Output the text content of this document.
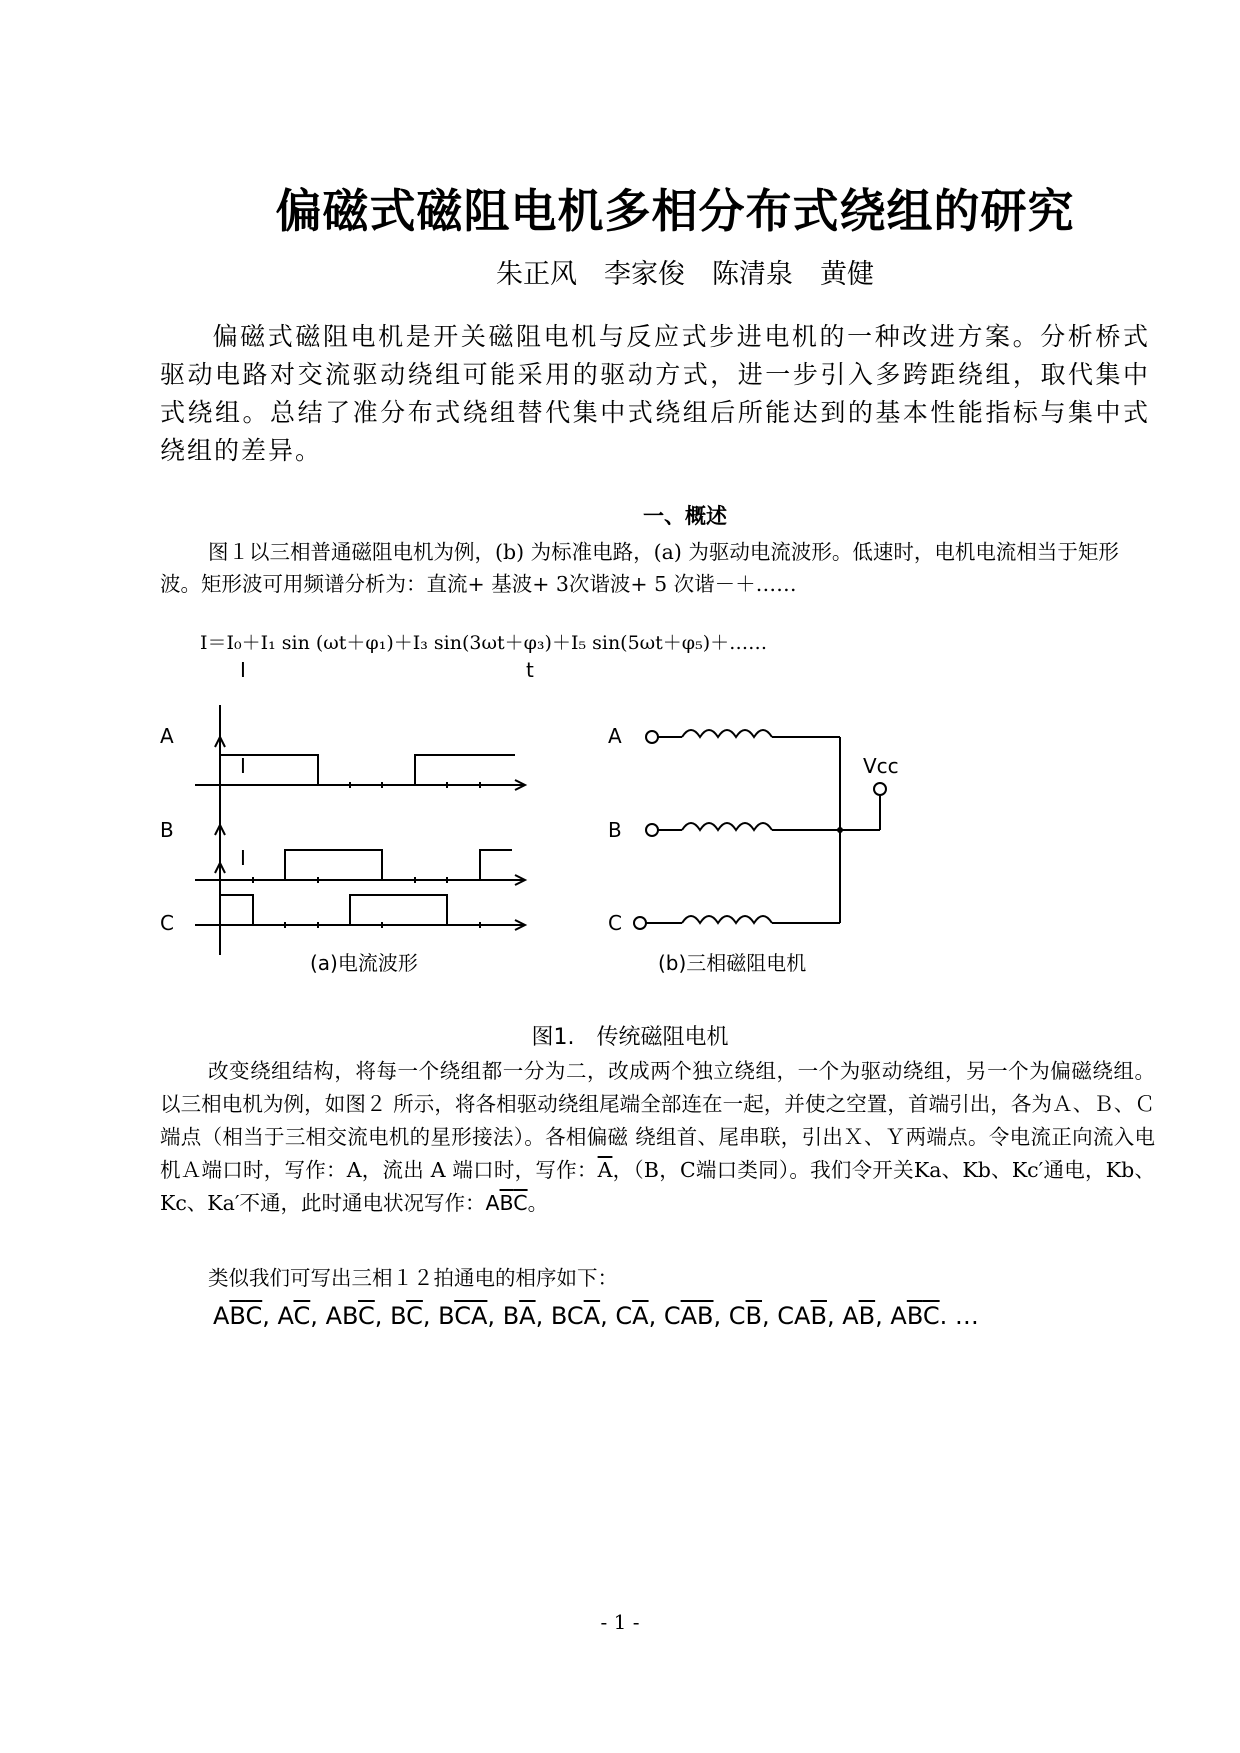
偏磁式磁阻电机多相分布式绕组的研究
朱正风　李家俊　陈清泉　黄健
偏磁式磁阻电机是开关磁阻电机与反应式步进电机的一种改进方案。分析桥式驱动电路对交流驱动绕组可能采用的驱动方式，进一步引入多跨距绕组，取代集中式绕组。总结了准分布式绕组替代集中式绕组后所能达到的基本性能指标与集中式绕组的差异。
一、概述

图１以三相普通磁阻电机为例，(b) 为标准电路，(a) 为驱动电流波形。低速时，电机电流相当于矩形波。矩形波可用频谱分析为：直流+ 基波+ 3次谐波+ 5 次谐－＋……

I＝I₀＋I₁ sin (ωt＋φ₁)＋I₃ sin(3ωt＋φ₃)＋I₅ sin(5ωt＋φ₅)＋……
I
I
I
t
A
B
C
A
B
C
Vcc
(a)电流波形	(b)三相磁阻电机
图1.　传统磁阻电机

改变绕组结构，将每一个绕组都一分为二，改成两个独立绕组，一个为驱动绕组，另一个为偏磁绕组。 以三相电机为例，如图２ 所示，将各相驱动绕组尾端全部连在一起，并使之空置，首端引出，各为Ａ、Ｂ、Ｃ端点（相当于三相交流电机的星形接法）。各相偏磁 绕组首、尾串联，引出Ｘ、Ｙ两端点。令电流正向流入电机Ａ端口时，写作：A，流出 A 端口时，写作：$\overline{A}$，（B，C端口类同）。我们令开关Ka、Kb、Kc′通电，Kb、Kc、Ka′不通，此时通电状况写作：$A\overline{B}\overline{C}$。

类似我们可写出三相１２拍通电的相序如下：
$A\overline{B}\overline{C}$, $A\overline{C}$, $AB\overline{C}$, $B\overline{C}$, $B\overline{C}\overline{A}$, $B\overline{A}$, $BC\overline{A}$, $C\overline{A}$, $C\overline{A}\overline{B}$, $C\overline{B}$, $CA\overline{B}$, $A\overline{B}$, $A\overline{B}\overline{C}$. …
- 1 -
